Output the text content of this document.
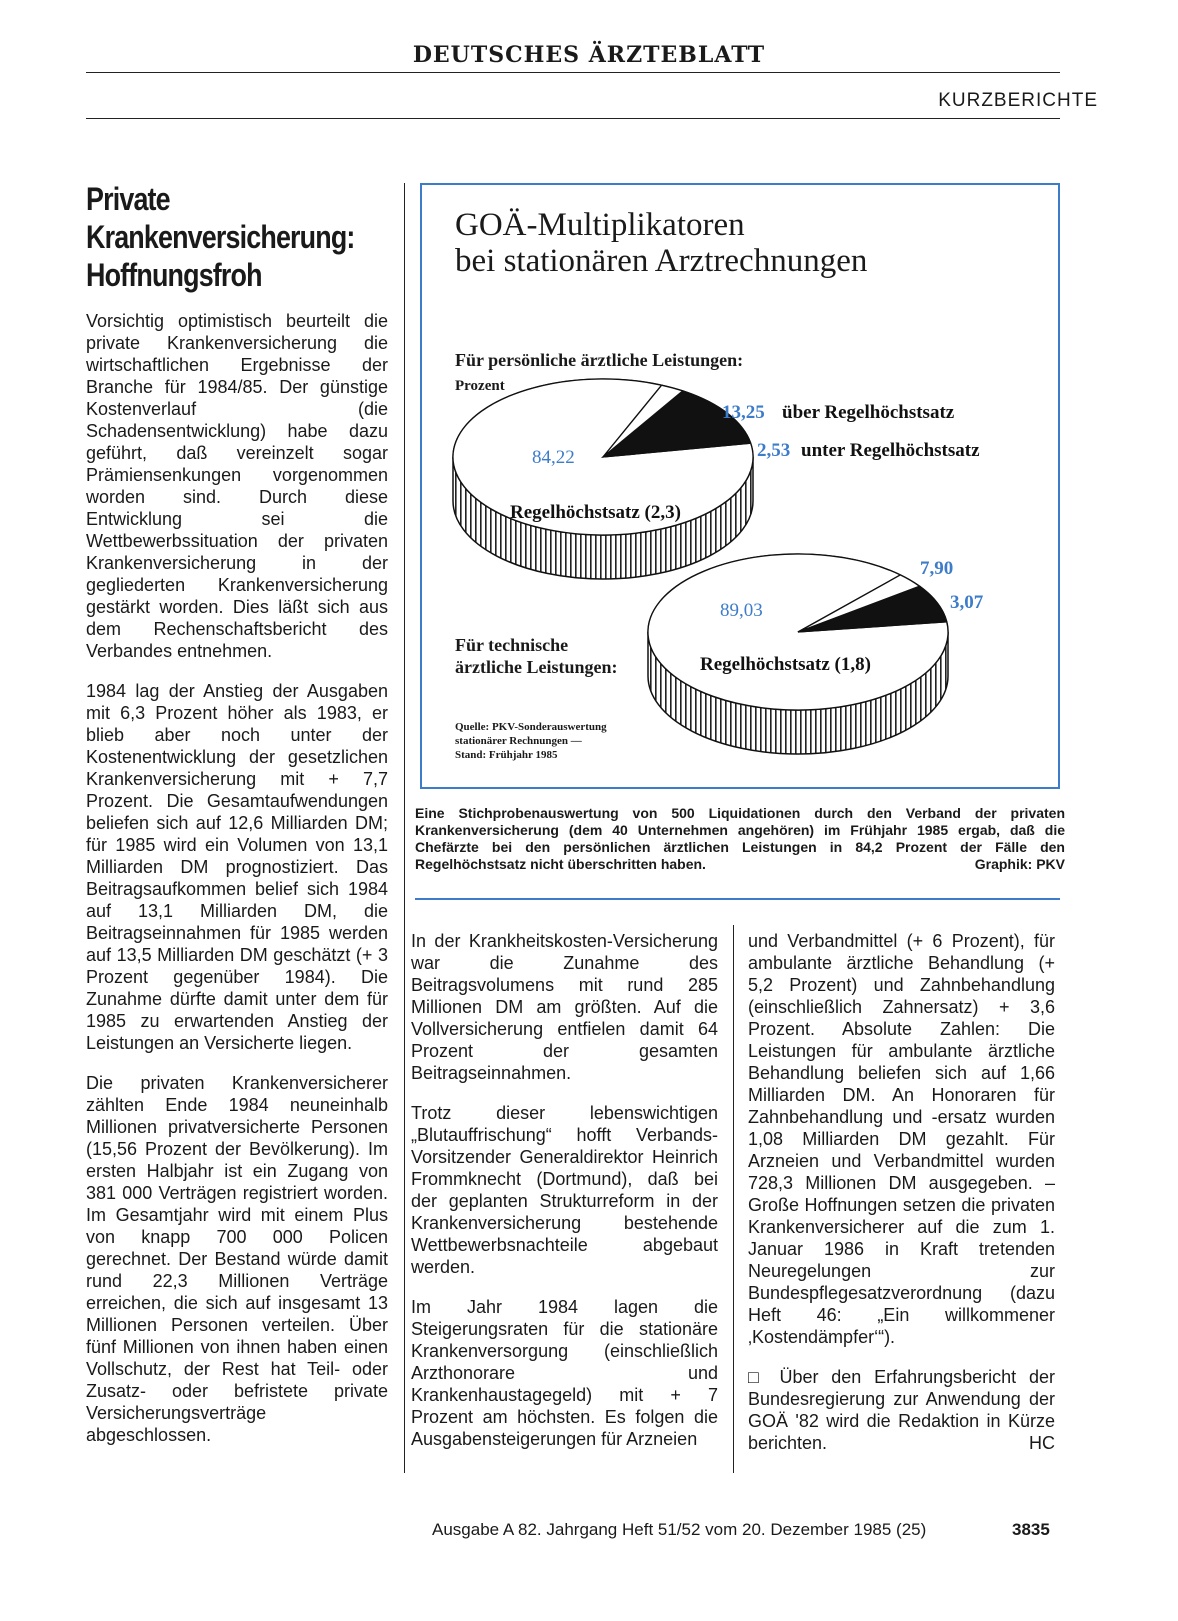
DEUTSCHES ÄRZTEBLATT
KURZBERICHTE
Private
Krankenversicherung:
Hoffnungsfroh

Vorsichtig optimistisch beurteilt die private Krankenversicherung die wirtschaftlichen Ergebnisse der Branche für 1984/85. Der günstige Kostenverlauf (die Schadensentwicklung) habe dazu geführt, daß vereinzelt sogar Prämiensenkungen vorgenommen worden sind. Durch diese Entwicklung sei die Wettbewerbssituation der privaten Krankenversicherung in der gegliederten Krankenversicherung gestärkt worden. Dies läßt sich aus dem Rechenschaftsbericht des Verbandes entnehmen.

1984 lag der Anstieg der Ausgaben mit 6,3 Prozent höher als 1983, er blieb aber noch unter der Kostenentwicklung der gesetzlichen Krankenversicherung mit + 7,7 Prozent. Die Gesamtaufwendungen beliefen sich auf 12,6 Milliarden DM; für 1985 wird ein Volumen von 13,1 Milliarden DM prognostiziert. Das Beitragsaufkommen belief sich 1984 auf 13,1 Milliarden DM, die Beitragseinnahmen für 1985 werden auf 13,5 Milliarden DM geschätzt (+ 3 Prozent gegenüber 1984). Die Zunahme dürfte damit unter dem für 1985 zu erwartenden Anstieg der Leistungen an Versicherte liegen.

Die privaten Krankenversicherer zählten Ende 1984 neuneinhalb Millionen privatversicherte Personen (15,56 Prozent der Bevölkerung). Im ersten Halbjahr ist ein Zugang von 381 000 Verträgen registriert worden. Im Gesamtjahr wird mit einem Plus von knapp 700 000 Policen gerechnet. Der Bestand würde damit rund 22,3 Millionen Verträge erreichen, die sich auf insgesamt 13 Millionen Personen verteilen. Über fünf Millionen von ihnen haben einen Vollschutz, der Rest hat Teil- oder Zusatz- oder befristete private Versicherungsverträge abgeschlossen.

GOÄ-Multiplikatoren
bei stationären Arztrechnungen
Für persönliche ärztliche Leistungen:
Prozent
Für technische
ärztliche Leistungen:
Quelle: PKV-Sonderauswertung
stationärer Rechnungen —
Stand: Frühjahr 1985
84,22
Regelhöchstsatz (2,3)
13,25 über Regelhöchstsatz
2,53 unter Regelhöchstsatz
89,03
Regelhöchstsatz (1,8)
7,90
3,07
Eine Stichprobenauswertung von 500 Liquidationen durch den Verband der privaten Krankenversicherung (dem 40 Unternehmen angehören) im Frühjahr 1985 ergab, daß die Chefärzte bei den persönlichen ärztlichen Leistungen in 84,2 Prozent der Fälle den Regelhöchstsatz nicht überschritten haben.	Graphik: PKV

In der Krankheitskosten-Versicherung war die Zunahme des Beitragsvolumens mit rund 285 Millionen DM am größten. Auf die Vollversicherung entfielen damit 64 Prozent der gesamten Beitragseinnahmen.

Trotz dieser lebenswichtigen „Blutauffrischung“ hofft Verbands-Vorsitzender Generaldirektor Heinrich Frommknecht (Dortmund), daß bei der geplanten Strukturreform in der Krankenversicherung bestehende Wettbewerbsnachteile abgebaut werden.

Im Jahr 1984 lagen die Steigerungsraten für die stationäre Krankenversorgung (einschließlich Arzthonorare und Krankenhaustagegeld) mit + 7 Prozent am höchsten. Es folgen die Ausgabensteigerungen für Arzneien

und Verbandmittel (+ 6 Prozent), für ambulante ärztliche Behandlung (+ 5,2 Prozent) und Zahnbehandlung (einschließlich Zahnersatz) + 3,6 Prozent. Absolute Zahlen: Die Leistungen für ambulante ärztliche Behandlung beliefen sich auf 1,66 Milliarden DM. An Honoraren für Zahnbehandlung und -ersatz wurden 1,08 Milliarden DM gezahlt. Für Arzneien und Verbandmittel wurden 728,3 Millionen DM ausgegeben. – Große Hoffnungen setzen die privaten Krankenversicherer auf die zum 1. Januar 1986 in Kraft tretenden Neuregelungen zur Bundespflegesatzverordnung (dazu Heft 46: „Ein willkommener ‚Kostendämpfer‘“).

□ Über den Erfahrungsbericht der Bundesregierung zur Anwendung der GOÄ '82 wird die Redaktion in Kürze berichten.	HC

Ausgabe A 82. Jahrgang Heft 51/52 vom 20. Dezember 1985 (25)	3835
